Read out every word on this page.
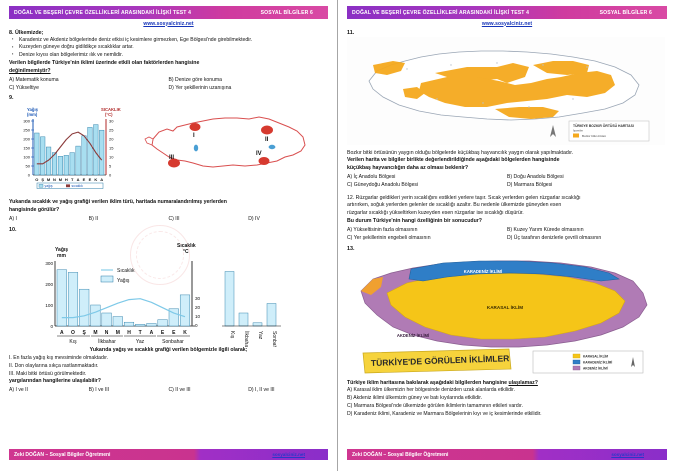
DOĞAL VE BEŞERİ ÇEVRE ÖZELLİKLERİ ARASINDAKİ İLİŞKİ TEST 4	SOSYAL BİLGİLER 6
www.sosyalciniz.net
8. Ülkemizde;
▪ Karadeniz ve Akdeniz bölgelerinde deniz etkisi iç kesimlere girmezken, Ege Bölgesi'nde girebilmektedir.
▪ Kuzeyden güneye doğru gidildikçe sıcaklıklar artar.
▪ Denize kıyısı olan bölgelerimiz ılık ve nemlidir.
Verilen bilgilerde Türkiye'nin iklimi üzerinde etkili olan faktörlerden hangisine
değinilmemiştir?
A) Matematik konuma	B) Denize göre konuma
C) Yükseltiye	D) Yer şekillerinin uzanışına
9.
Yağış
(mm)
SICAKLIK
(°C)
300
250
200
150
100
50
0
30
25
20
15
10
5
0
O Ş M N M H T A E E K A
yağış	sıcaklık
I
II
III
IV
Yukarıda sıcaklık ve yağış grafiği verilen iklim türü, haritada numaralandırılmış yerlerden
hangisinde görülür?
A) I	B) II	C) III	D) IV
10.
Yağış
mm
Sıcaklık
°C
300
200
100
0
30
20
10
0
Sıcaklık
Yağış
A O Ş M N M H T A E E K
Kış	İlkbahar	Yaz	Sonbahar
Kış İlkbahar Yaz Sonbahar
Yukarıda yağış ve sıcaklık grafiği verilen bölgemizle ilgili olarak;
I. En fazla yağış kış mevsiminde olmaktadır.
II. Don olaylarına sıkça rastlanmaktadır.
III. Maki bitki örtüsü görülmektedir.
yargılarından hangilerine ulaşılabilir?
A) I ve II	B) I ve III	C) II ve III	D) I, II ve III
Zeki DOĞAN – Sosyal Bilgiler Öğretmeni	sosyalciniz.net
DOĞAL VE BEŞERİ ÇEVRE ÖZELLİKLERİ ARASINDAKİ İLİŞKİ TEST 4	SOSYAL BİLGİLER 6
www.sosyalciniz.net
11.
TÜRKİYE BOZKIR ÖRTÜSÜ HARİTASI
İşaretler
Bozkır bitki örtüsü
Bozkır bitki örtüsünün yaygın olduğu bölgelerde küçükbaş hayvancılık yaygın olarak yapılmaktadır.
Verilen harita ve bilgiler birlikte değerlendirildiğinde aşağıdaki bölgelerden hangisinde
küçükbaş hayvancılığın daha az olması beklenir?
A) İç Anadolu Bölgesi	B) Doğu Anadolu Bölgesi
C) Güneydoğu Anadolu Bölgesi	D) Marmara Bölgesi
12. Rüzgarlar geldikleri yerin sıcaklığını estikleri yerlere taşır. Sıcak yerlerden gelen rüzgarlar sıcaklığı
artırırken, soğuk yerlerden gelenler de sıcaklığı azaltır. Bu nedenle ülkemizde güneyden esen
rüzgarlar sıcaklığı yükseltirken kuzeyden esen rüzgarlar ise sıcaklığı düşürür.
Bu durum Türkiye'nin hangi özelliğinin bir sonucudur?
A) Yükseltisinin fazla olmasının	B) Kuzey Yarım Kürede olmasının
C) Yer şekillerinin engebeli olmasının	D) Üç tarafının denizlerle çevrili olmasının
13.
KARADENİZ İKLİMİ
KARASAL İKLİM
AKDENİZ İKLİMİ
TÜRKİYE'DE GÖRÜLEN İKLİMLER	KARASAL İKLİM
KARADENİZ İKLİMİ
AKDENİZ İKLİMİ
Türkiye iklim haritasına bakılarak aşağıdaki bilgilerden hangisine ulaşılamaz?
A) Karasal iklim ülkemizin her bölgesinde denizden uzak alanlarda etkilidir.
B) Akdeniz iklimi ülkemizin güney ve batı kıyılarında etkilidir.
C) Marmara Bölgesi'nde ülkemizde görülen iklimlerin tamamının etkileri vardır.
D) Karadeniz iklimi, Karadeniz ve Marmara Bölgelerinin kıyı ve iç kesimlerinde etkilidir.
Zeki DOĞAN – Sosyal Bilgiler Öğretmeni	sosyalciniz.net
